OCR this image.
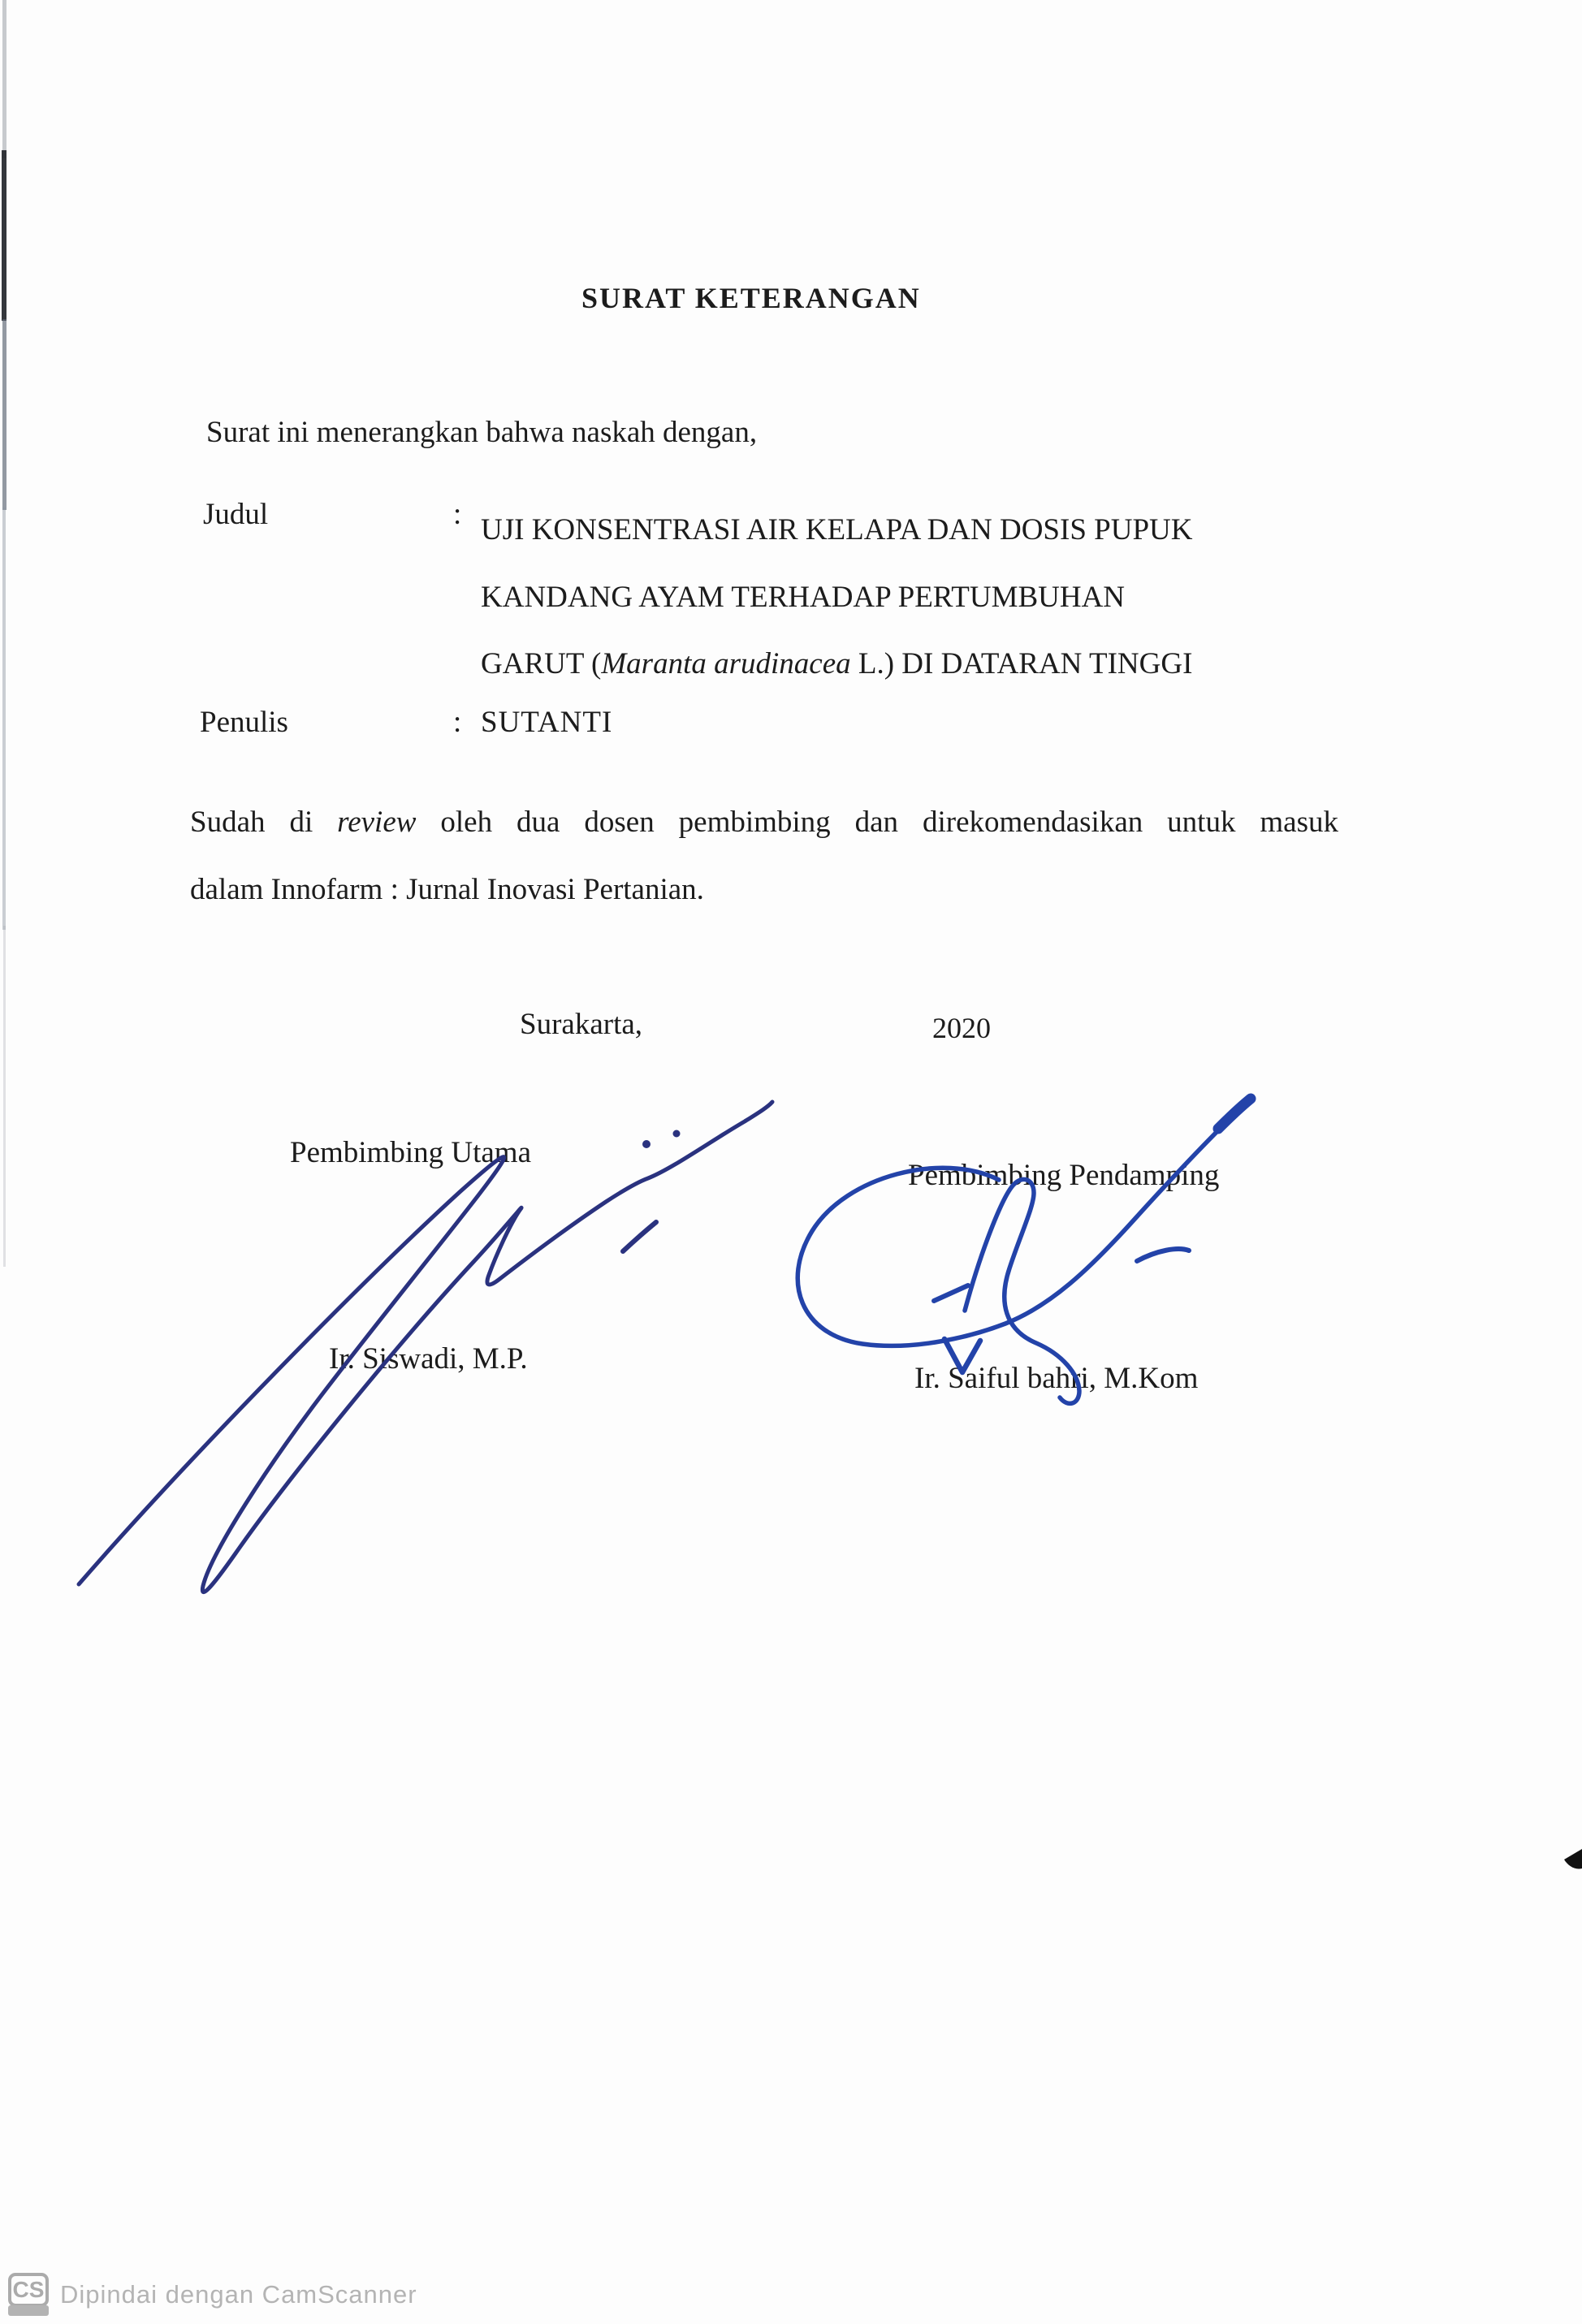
SURAT KETERANGAN
Surat ini menerangkan bahwa naskah dengan,
Judul	: UJI KONSENTRASI AIR KELAPA DAN DOSIS PUPUK
KANDANG AYAM TERHADAP PERTUMBUHAN
GARUT (Maranta arudinacea L.) DI DATARAN TINGGI
Penulis	: SUTANTI
Sudah di review oleh dua dosen pembimbing dan direkomendasikan untuk masuk
dalam Innofarm : Jurnal Inovasi Pertanian.
Surakarta,	2020
Pembimbing Utama
Pembimbing Pendamping
Ir. Siswadi, M.P.
Ir. Saiful bahri, M.Kom
CS Dipindai dengan CamScanner
